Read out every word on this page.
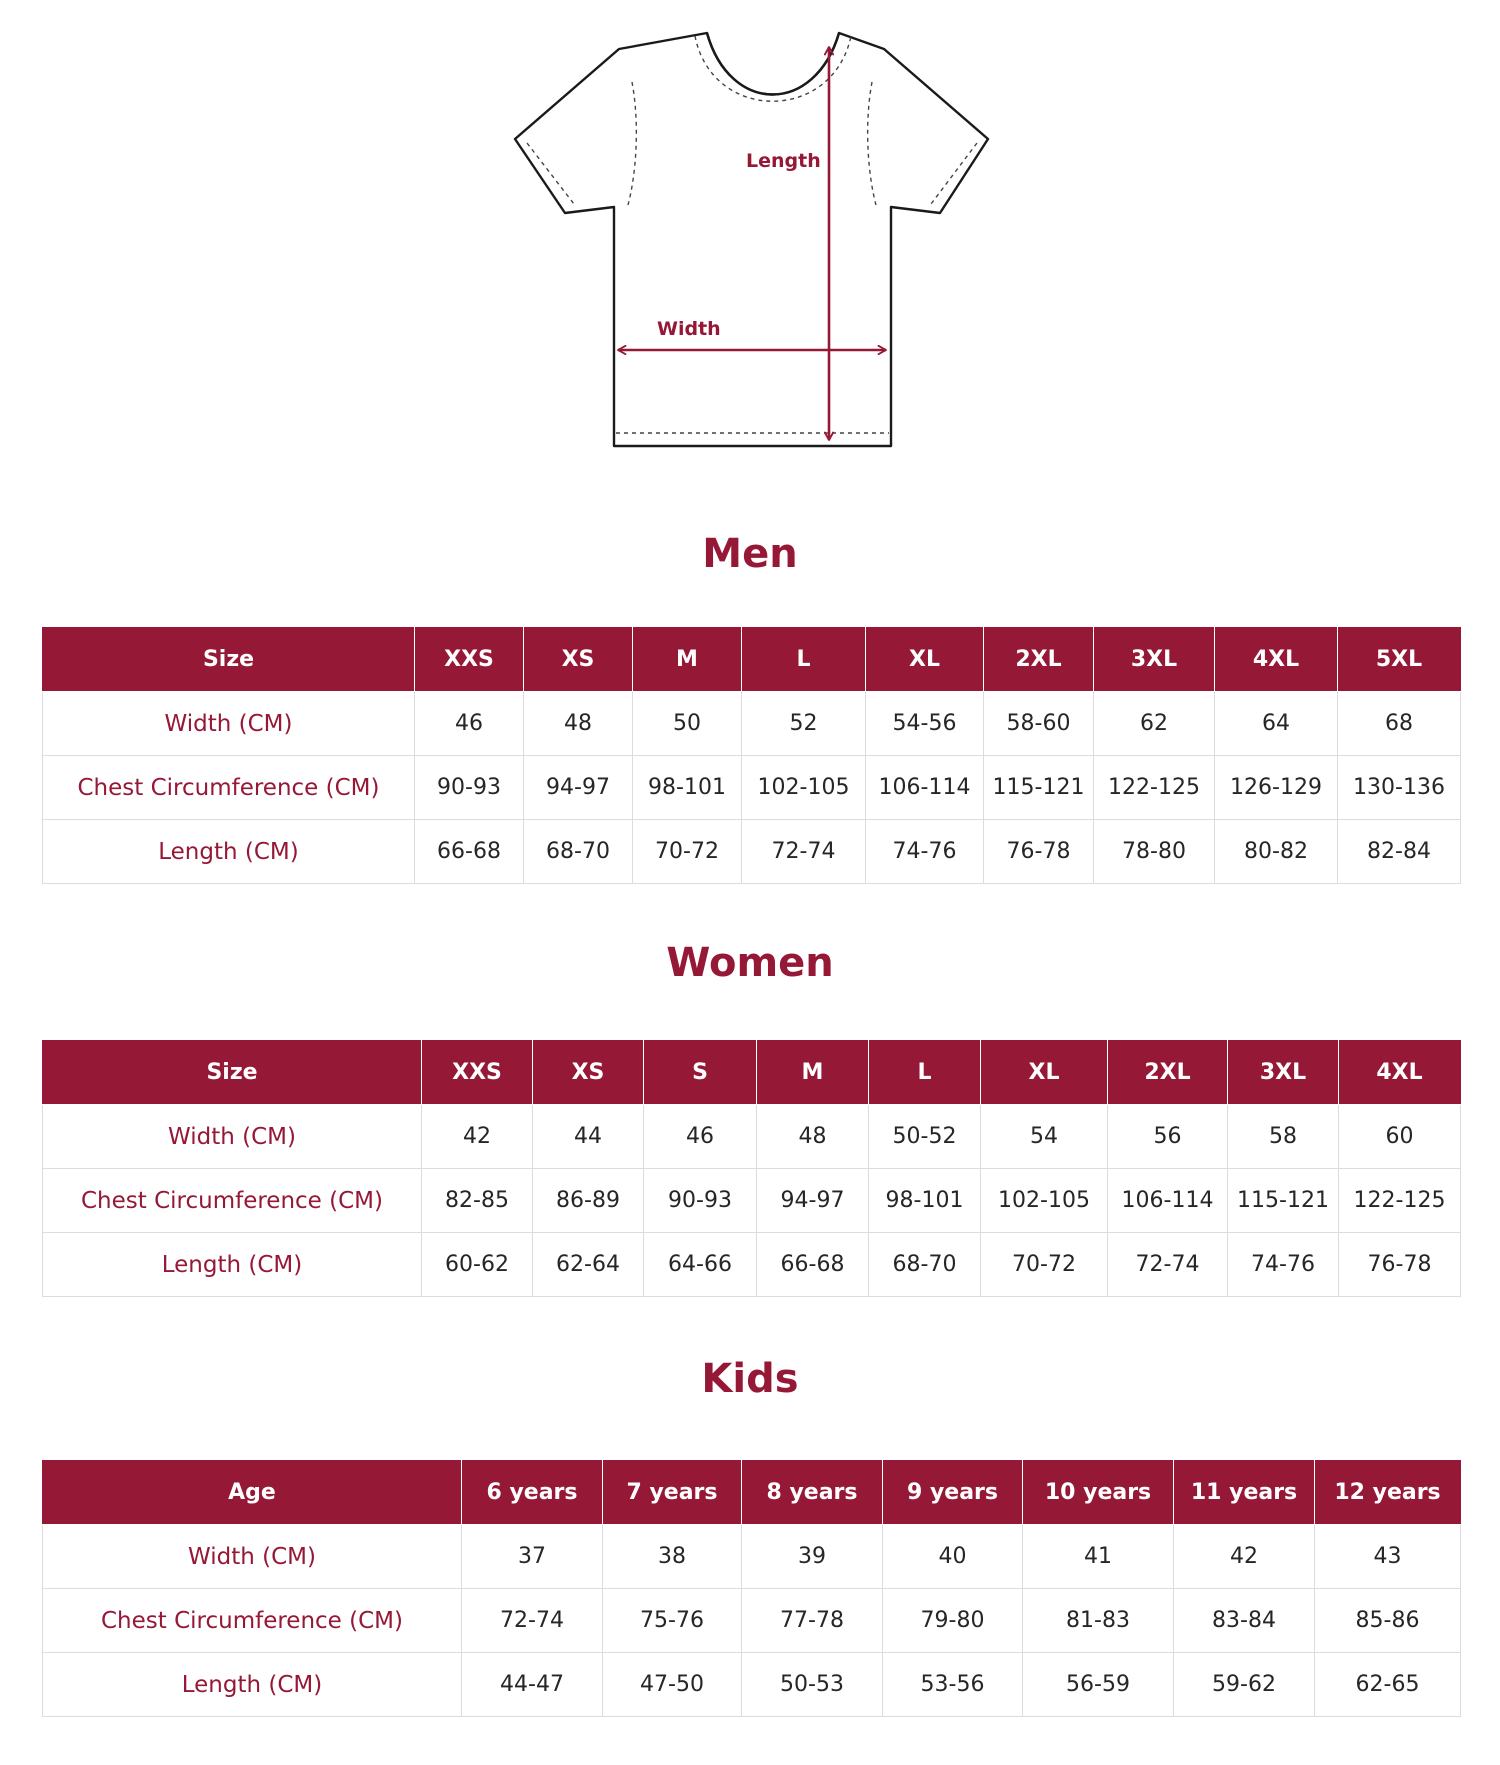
Length
Width
Men
Size	XXS	XS	M	L	XL	2XL	3XL	4XL	5XL
Width (CM)	46	48	50	52	54-56	58-60	62	64	68
Chest Circumference (CM)	90-93	94-97	98-101	102-105	106-114	115-121	122-125	126-129	130-136
Length (CM)	66-68	68-70	70-72	72-74	74-76	76-78	78-80	80-82	82-84
Women
Size	XXS	XS	S	M	L	XL	2XL	3XL	4XL
Width (CM)	42	44	46	48	50-52	54	56	58	60
Chest Circumference (CM)	82-85	86-89	90-93	94-97	98-101	102-105	106-114	115-121	122-125
Length (CM)	60-62	62-64	64-66	66-68	68-70	70-72	72-74	74-76	76-78
Kids
Age	6 years	7 years	8 years	9 years	10 years	11 years	12 years
Width (CM)	37	38	39	40	41	42	43
Chest Circumference (CM)	72-74	75-76	77-78	79-80	81-83	83-84	85-86
Length (CM)	44-47	47-50	50-53	53-56	56-59	59-62	62-65
